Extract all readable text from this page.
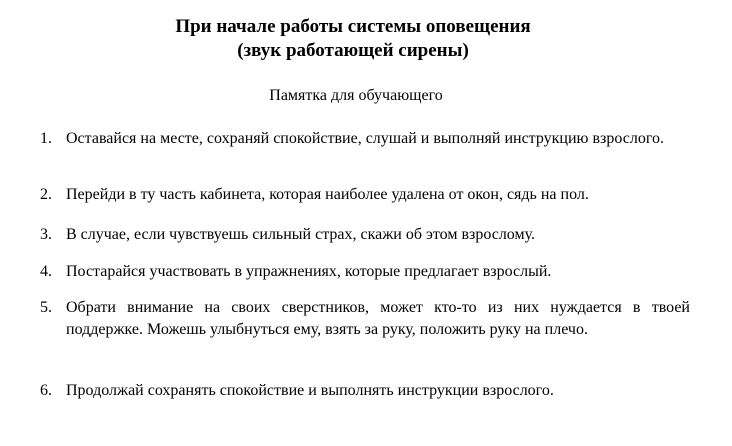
При начале работы системы оповещения
(звук работающей сирены)
Памятка для обучающего
1. Оставайся на месте, сохраняй спокойствие, слушай и выполняй инструкцию взрослого.
2. Перейди в ту часть кабинета, которая наиболее удалена от окон, сядь на пол.
3. В случае, если чувствуешь сильный страх, скажи об этом взрослому.
4. Постарайся участвовать в упражнениях, которые предлагает взрослый.
5. Обрати внимание на своих сверстников, может кто-то из них нуждается в твоей поддержке. Можешь улыбнуться ему, взять за руку, положить руку на плечо.
6. Продолжай сохранять спокойствие и выполнять инструкции взрослого.
